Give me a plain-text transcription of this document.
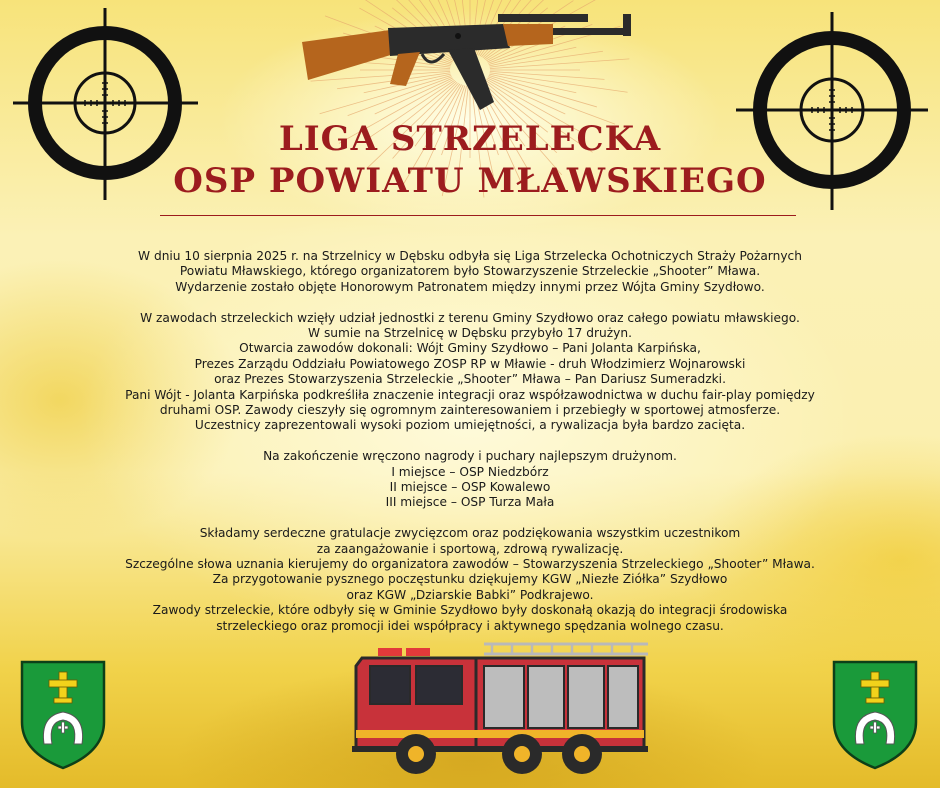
LIGA STRZELECKA
OSP POWIATU MŁAWSKIEGO

W dniu 10 sierpnia 2025 r. na Strzelnicy w Dębsku odbyła się Liga Strzelecka Ochotniczych Straży Pożarnych

Powiatu Mławskiego, którego organizatorem było Stowarzyszenie Strzeleckie „Shooter” Mława.

Wydarzenie zostało objęte Honorowym Patronatem między innymi przez Wójta Gminy Szydłowo.

W zawodach strzeleckich wzięły udział jednostki z terenu Gminy Szydłowo oraz całego powiatu mławskiego.

W sumie na Strzelnicę w Dębsku przybyło 17 drużyn.

Otwarcia zawodów dokonali: Wójt Gminy Szydłowo – Pani Jolanta Karpińska,

Prezes Zarządu Oddziału Powiatowego ZOSP RP w Mławie - druh Włodzimierz Wojnarowski

oraz Prezes Stowarzyszenia Strzeleckie „Shooter” Mława – Pan Dariusz Sumeradzki.

Pani Wójt - Jolanta Karpińska podkreśliła znaczenie integracji oraz współzawodnictwa w duchu fair-play pomiędzy

druhami OSP. Zawody cieszyły się ogromnym zainteresowaniem i przebiegły w sportowej atmosferze.

Uczestnicy zaprezentowali wysoki poziom umiejętności, a rywalizacja była bardzo zacięta.

Na zakończenie wręczono nagrody i puchary najlepszym drużynom.

I miejsce – OSP Niedzbórz

II miejsce – OSP Kowalewo

III miejsce – OSP Turza Mała

Składamy serdeczne gratulacje zwycięzcom oraz podziękowania wszystkim uczestnikom

za zaangażowanie i sportową, zdrową rywalizację.

Szczególne słowa uznania kierujemy do organizatora zawodów – Stowarzyszenia Strzeleckiego „Shooter” Mława.

Za przygotowanie pysznego poczęstunku dziękujemy KGW „Niezłe Ziółka” Szydłowo

oraz KGW „Dziarskie Babki” Podkrajewo.

Zawody strzeleckie, które odbyły się w Gminie Szydłowo były doskonałą okazją do integracji środowiska

strzeleckiego oraz promocji idei współpracy i aktywnego spędzania wolnego czasu.
